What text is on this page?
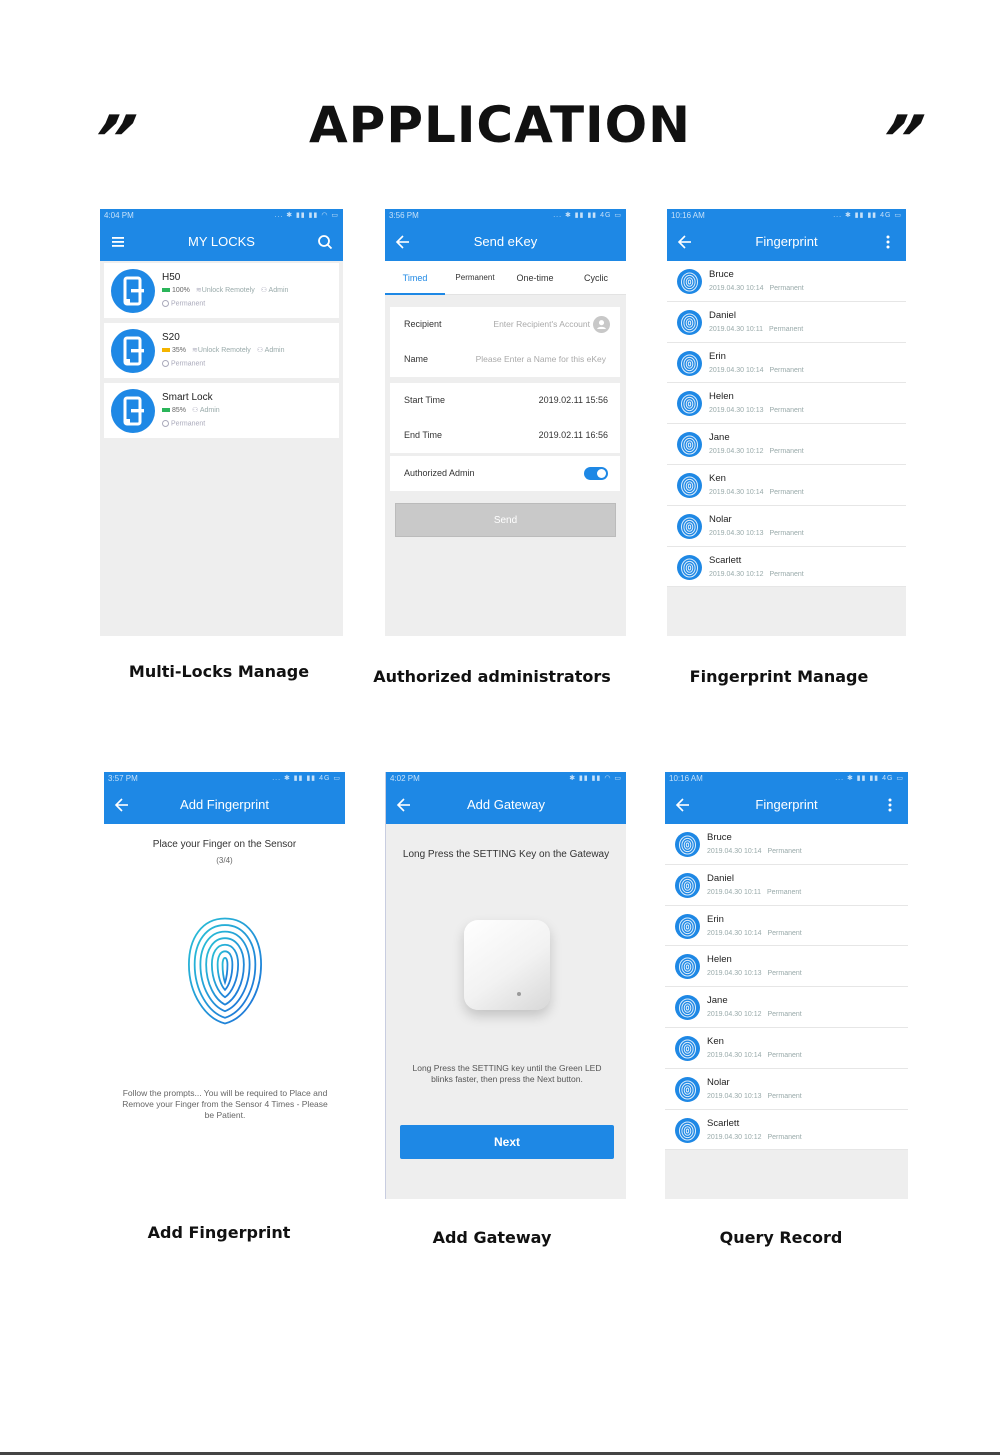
”	APPLICATION	”
4:04 PM	... ✱ ▮▮ ▮▮ ◠ ▭
MY LOCKS
H50
100% ≋Unlock Remotely ⚇ Admin
Permanent
S20
35% ≋Unlock Remotely ⚇ Admin
Permanent
Smart Lock
85% ⚇ Admin
Permanent
Multi-Locks Manage
3:56 PM	... ✱ ▮▮ ▮▮ 4G ▭
Send eKey
Timed	Permanent	One-time	Cyclic
Recipient	Enter Recipient's Account
Name	Please Enter a Name for this eKey
Start Time	2019.02.11 15:56
End Time	2019.02.11 16:56
Authorized Admin
Send
Authorized administrators
10:16 AM	... ✱ ▮▮ ▮▮ 4G ▭
Fingerprint
Bruce
2019.04.30 10:14 Permanent
Daniel
2019.04.30 10:11 Permanent
Erin
2019.04.30 10:14 Permanent
Helen
2019.04.30 10:13 Permanent
Jane
2019.04.30 10:12 Permanent
Ken
2019.04.30 10:14 Permanent
Nolar
2019.04.30 10:13 Permanent
Scarlett
2019.04.30 10:12 Permanent
Fingerprint Manage
3:57 PM	... ✱ ▮▮ ▮▮ 4G ▭
Add Fingerprint
Place your Finger on the Sensor
(3/4)
Follow the prompts... You will be required to Place and Remove your Finger from the Sensor 4 Times - Please be Patient.
Add Fingerprint
4:02 PM	✱ ▮▮ ▮▮ ◠ ▭
Add Gateway
Long Press the SETTING Key on the Gateway
Long Press the SETTING key until the Green LED blinks faster, then press the Next button.
Next
Add Gateway
10:16 AM	... ✱ ▮▮ ▮▮ 4G ▭
Fingerprint
Bruce
2019.04.30 10:14 Permanent
Daniel
2019.04.30 10:11 Permanent
Erin
2019.04.30 10:14 Permanent
Helen
2019.04.30 10:13 Permanent
Jane
2019.04.30 10:12 Permanent
Ken
2019.04.30 10:14 Permanent
Nolar
2019.04.30 10:13 Permanent
Scarlett
2019.04.30 10:12 Permanent
Query Record
